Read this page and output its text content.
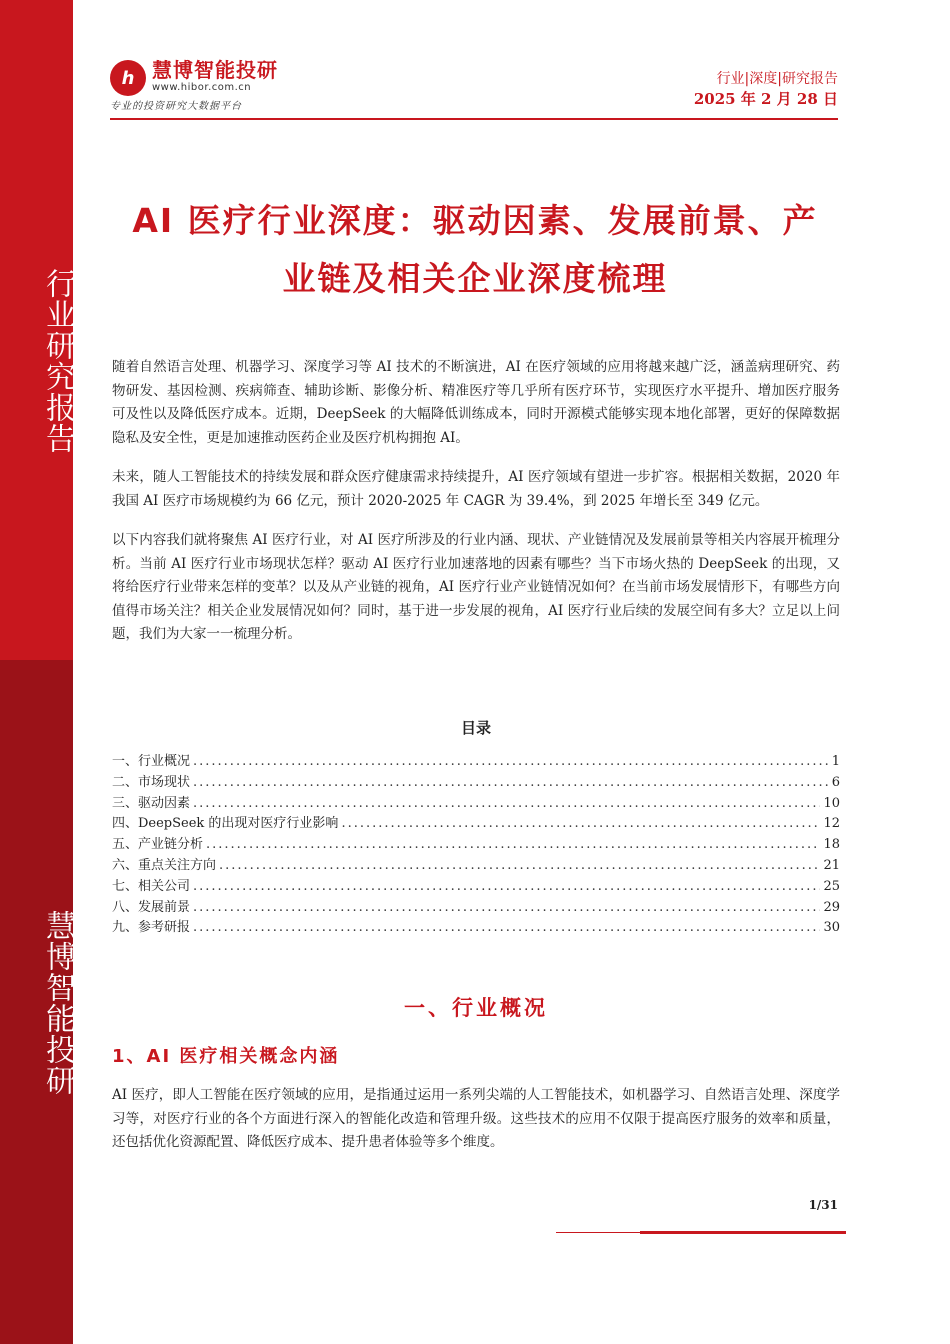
行业研究报告
慧博智能投研
h 慧博智能投研
www.hibor.com.cn
专业的投资研究大数据平台
行业|深度|研究报告
2025 年 2 月 28 日
AI 医疗行业深度：驱动因素、发展前景、产
业链及相关企业深度梳理

随着自然语言处理、机器学习、深度学习等 AI 技术的不断演进，AI 在医疗领域的应用将越来越广泛，涵盖病理研究、药物研发、基因检测、疾病筛查、辅助诊断、影像分析、精准医疗等几乎所有医疗环节，实现医疗水平提升、增加医疗服务可及性以及降低医疗成本。近期，DeepSeek 的大幅降低训练成本，同时开源模式能够实现本地化部署，更好的保障数据隐私及安全性，更是加速推动医药企业及医疗机构拥抱 AI。

未来，随人工智能技术的持续发展和群众医疗健康需求持续提升，AI 医疗领域有望进一步扩容。根据相关数据，2020 年我国 AI 医疗市场规模约为 66 亿元，预计 2020-2025 年 CAGR 为 39.4%，到 2025 年增长至 349 亿元。

以下内容我们就将聚焦 AI 医疗行业，对 AI 医疗所涉及的行业内涵、现状、产业链情况及发展前景等相关内容展开梳理分析。当前 AI 医疗行业市场现状怎样？驱动 AI 医疗行业加速落地的因素有哪些？当下市场火热的 DeepSeek 的出现，又将给医疗行业带来怎样的变革？以及从产业链的视角，AI 医疗行业产业链情况如何？在当前市场发展情形下，有哪些方向值得市场关注？相关企业发展情况如何？同时，基于进一步发展的视角，AI 医疗行业后续的发展空间有多大？立足以上问题，我们为大家一一梳理分析。

目录
一、行业概况 .....	1
二、市场现状 .....	6
三、驱动因素 .....	10
四、DeepSeek 的出现对医疗行业影响 .....	12
五、产业链分析 .....	18
六、重点关注方向 .....	21
七、相关公司 .....	25
八、发展前景 .....	29
九、参考研报 .....	30
一、行业概况
1、AI 医疗相关概念内涵

AI 医疗，即人工智能在医疗领域的应用，是指通过运用一系列尖端的人工智能技术，如机器学习、自然语言处理、深度学习等，对医疗行业的各个方面进行深入的智能化改造和管理升级。这些技术的应用不仅限于提高医疗服务的效率和质量，还包括优化资源配置、降低医疗成本、提升患者体验等多个维度。

1/31
